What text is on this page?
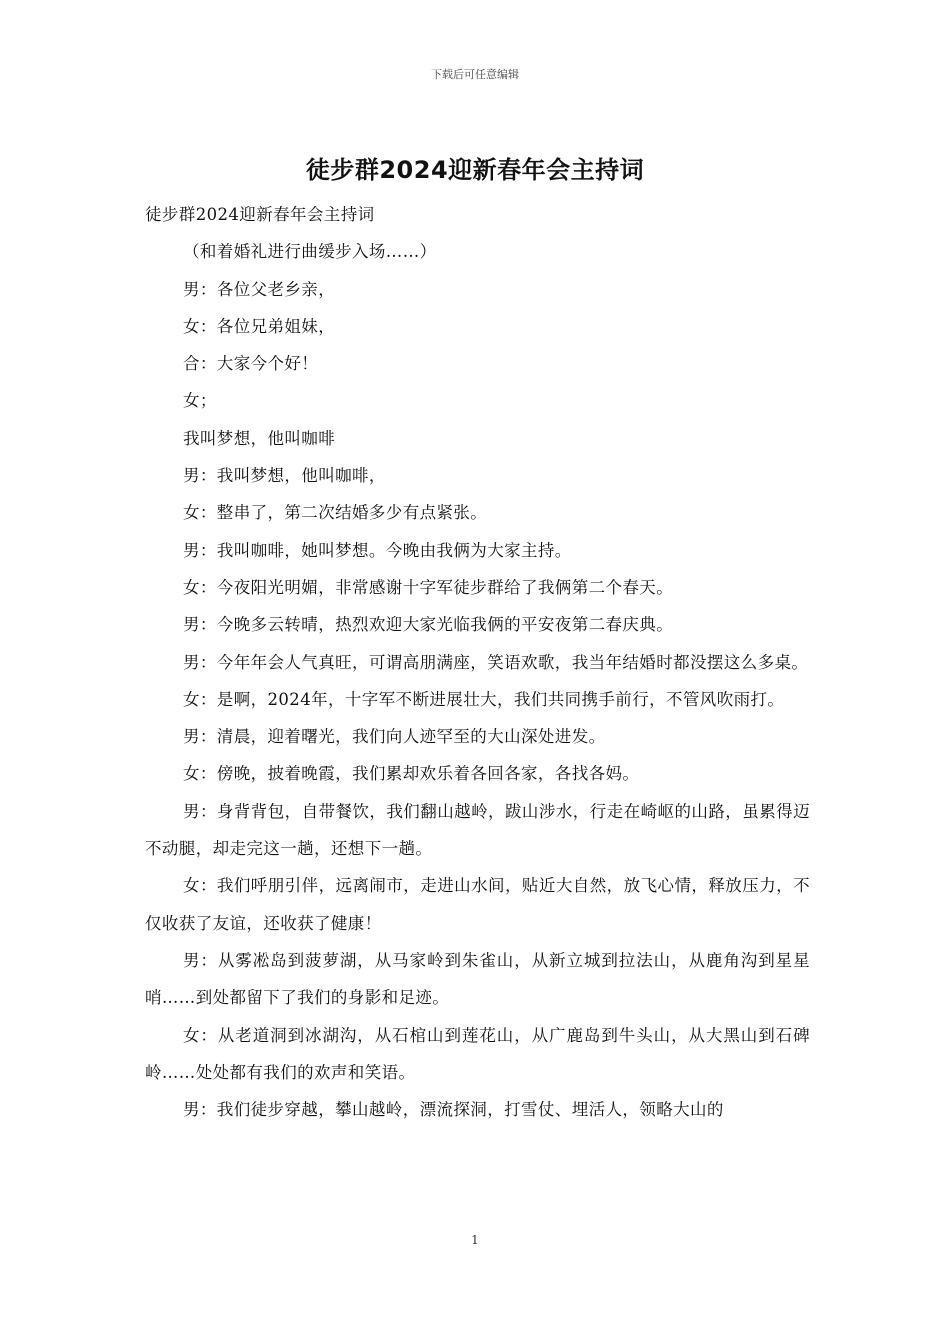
下载后可任意编辑
徒步群2024迎新春年会主持词

徒步群2024迎新春年会主持词

（和着婚礼进行曲缓步入场……）

男：各位父老乡亲，

女：各位兄弟姐妹，

合：大家今个好！

女；

我叫梦想，他叫咖啡

男：我叫梦想，他叫咖啡，

女：整串了，第二次结婚多少有点紧张。

男：我叫咖啡，她叫梦想。今晚由我俩为大家主持。

女：今夜阳光明媚，非常感谢十字军徒步群给了我俩第二个春天。

男：今晚多云转晴，热烈欢迎大家光临我俩的平安夜第二春庆典。

男：今年年会人气真旺，可谓高朋满座，笑语欢歌，我当年结婚时都没摆这么多桌。

女：是啊，2024年，十字军不断进展壮大，我们共同携手前行，不管风吹雨打。

男：清晨，迎着曙光，我们向人迹罕至的大山深处进发。

女：傍晚，披着晚霞，我们累却欢乐着各回各家，各找各妈。

男：身背背包，自带餐饮，我们翻山越岭，跋山涉水，行走在崎岖的山路，虽累得迈不动腿，却走完这一趟，还想下一趟。

女：我们呼朋引伴，远离闹市，走进山水间，贴近大自然，放飞心情，释放压力，不仅收获了友谊，还收获了健康！

男：从雾凇岛到菠萝湖，从马家岭到朱雀山，从新立城到拉法山，从鹿角沟到星星哨……到处都留下了我们的身影和足迹。

女：从老道洞到冰湖沟，从石棺山到莲花山，从广鹿岛到牛头山，从大黑山到石碑岭……处处都有我们的欢声和笑语。

男：我们徒步穿越，攀山越岭，漂流探洞，打雪仗、埋活人，领略大山的

1
